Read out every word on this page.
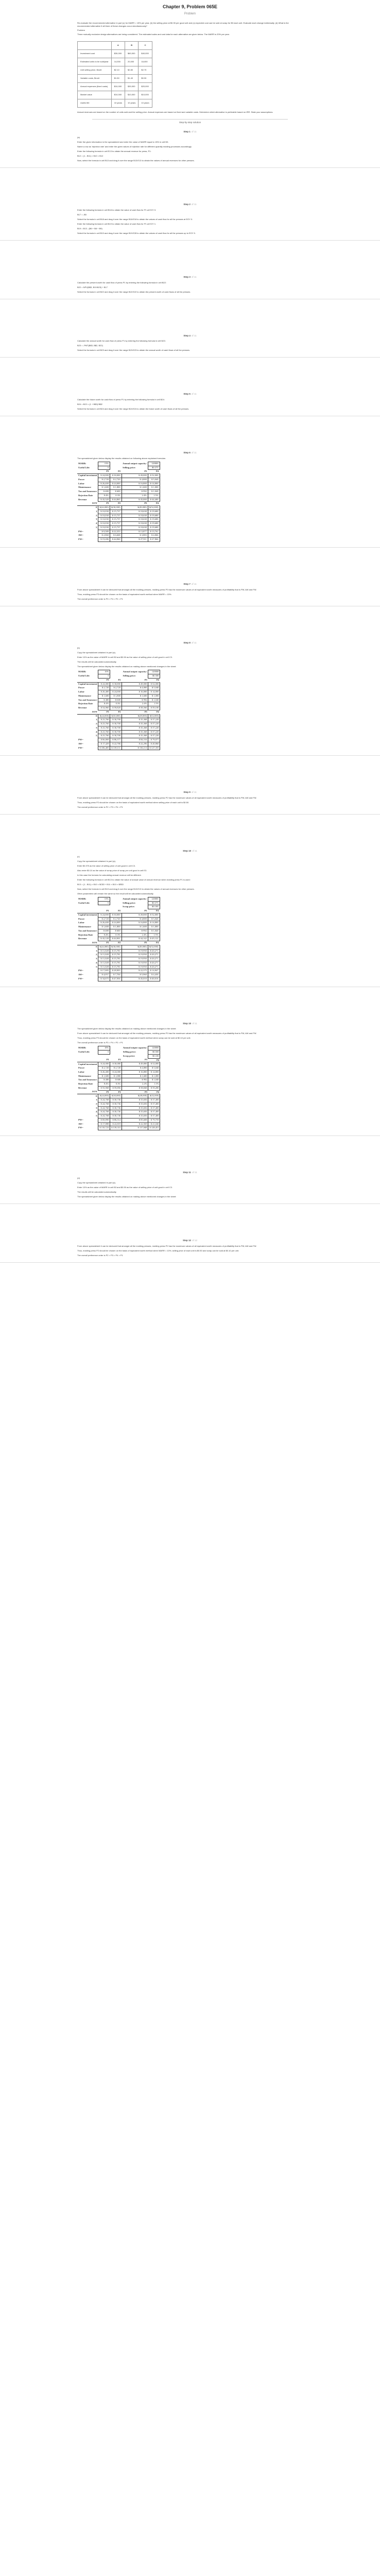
Chapter 9, Problem 065E
Problem

Re-evaluate the recommended alternative in part (c) for MARR = 15% per year, (b) the selling price at $0.35 per good unit and (c) expected cost can be sold at scrap for $0 each unit. Evaluate each change individually. (d) What is the recommended alternative if all three of these changes occur simultaneously?

Problem

Three mutually exclusive design alternatives are being considered. The estimated sales and cost data for each alternative are given below. The MARR is 20% per year.

	A	B	C
Investment cost	$30,000	$60,000	$40,000
Estimated units to be sold/year	14,000	20,000	18,000
Unit selling price, $/unit	$2.10	$2.80	$2.70
Variable costs, $/unit	$1.50	$1.40	$0.90
Annual expenses (fixed costs)	$10,000	$30,000	$20,000
Market value	$10,000	$10,000	$10,000
Useful life	10 years	10 years	10 years
Annual revenues are based on the number of units sold and the selling price. Annual expenses are based on fixed and variable costs. Determine which alternative is preferable based on IRR. State your assumptions.
Step-by-step solution
Step 1 of 11

(a)

Enter the given information in the spreadsheet and enter the value of MARR equal to 15% in cell B3.

Name a row as 'rejection rate' and enter the given values of rejection rate for different quantity molding processes accordingly.

Enter the following formula in cell E13 to obtain the annual revenue for press, P1:

B12 = (1 - B11) × B10 × B12

Now, select the formula in cell B13 and drag it over the range B13:E13 to obtain the values of annual revenues for other presses.

Step 2 of 11

Enter the following formula in cell B18 to obtain the value of cash flow for P1 at EOY 0:

B17 = -B5

Select the formula in cell B18 and drag it over the range B18:E18 to obtain the values of cash flow for all the presses at EOY 0.

Enter the following formula in cell B19 to obtain the value of cash flow for P1 at EOY 1:

B19 = B13 - (B6 + B8 + B9)

Select the formula in cell B19 and drag it over the range B19:E28 to obtain the values of cash flow for all the presses up to EOY 5.

Step 3 of 11

Calculate the present worth for cash flow of press P1 by entering the following formula in cell B22:

B22 = NPV(B$3, B19:B23) + B17

Select the formula in cell B22 and drag it over the range B22:E22 to obtain the present worth of cash flows of all the presses.

Step 4 of 11

Calculate the annual worth for cash flow of press P1 by entering the following formula in cell B23:

B23 = -PMT(B$3, B$2, B22)

Select the formula in cell B23 and drag it over the range B23:E23 to obtain the annual worth of cash flows of all the presses.

Step 5 of 11

Calculate the future worth for cash flow of press P1 by entering the following formula in cell B24:

B24 = B22 × (1 + B$3)^B$2

Select the formula in cell B24 and drag it over the range B24:E24 to obtain the future worth of cash flows of all the presses.

Step 6 of 11

The spreadsheet given below display the results obtained on following above explained formulas:

MARR:	15%		Annual output capacity:	120000
Useful Life:	5		Selling price:	$0.375
	P1	P2	P3	P4
Capital investment	$ 24,000	$ 30,000	$ 49,000	$ 52,000
Power	$ 2,720	$ 2,720	$ 4,800	$ 5,040
Labor	$ 26,400	$ 24,000	$ 16,800	$ 14,800
Maintenance	$ 1,600	$ 1,800	$ 1,600	$ 1,000
Tax and Insurance	$ 480	$ 600	$ 992	$ 1,040
Rejection Rate	8.4%	0.3%	2.4%	1.5%
Revenue	$ 43,320	$ 44,865	$ 45,000	$ 44,400
EOY	P1	P2	P3	P4
0	$(24,000)	$(30,000)	$(49,000)	$(52,000)
1	$ 10,030	$ 15,737	$ 18,638	$ 19,680
2	$ 10,030	$ 15,737	$ 18,638	$ 19,680
3	$ 10,030	$ 15,737	$ 18,638	$ 19,680
4	$ 10,030	$ 15,737	$ 18,638	$ 19,680
5	$ 10,030	$ 15,737	$ 18,638	$ 19,680
PW=	$ 9,589	$ 22,353	$ 13,877	$ 13,761
AW=	$ 2,860	$ 6,668	$ 3,883	$ 4,066
FW=	$ 19,286	$ 44,960	$ 27,911	$ 27,866
Step 7 of 11

From above spreadsheet it can be deduced that amongst all the molding presses, molding press P3 has the maximum values of all equivalent worth measures of profitability that is PW, AW and FW.

Thus, molding press P3 should be chosen on the basis of equivalent worth method when MARR = 15%.

The overall preference order is P3 > P4 > P2 > P1

Step 8 of 11

(b)

Copy the spreadsheet obtained in part (a).

Enter 10% as the value of MARR in cell B3 and $0.50 as the value of selling price of unit good in cell C3.

The results will be calculated automatically.

The spreadsheet given below display the results obtained on making above mentioned changes in the sheet:

MARR:	10%		Annual output capacity:	120000
Useful Life:	5		Selling price:	$0.500
	P1	P2	P3	P4
Capital investment	$ 24,000	$ 30,000	$ 49,000	$ 52,000
Power	$ 2,720	$ 2,720	$ 4,800	$ 5,040
Labor	$ 26,400	$ 24,000	$ 16,800	$ 14,800
Maintenance	$ 1,600	$ 1,800	$ 1,600	$ 1,000
Tax and Insurance	$ 480	$ 600	$ 992	$ 1,040
Rejection Rate	8.4%	0.3%	2.4%	1.5%
Revenue	$ 54,960	$ 59,820	$ 58,560	$ 59,100
EOY	P1	P2	P3	P4
0	$(24,000)	$(30,000)	$(49,000)	$(52,000)
1	$ 23,760	$ 30,700	$ 35,368	$ 37,220
2	$ 23,760	$ 30,700	$ 35,368	$ 37,220
3	$ 23,760	$ 30,700	$ 35,368	$ 37,220
4	$ 23,760	$ 30,700	$ 35,368	$ 37,220
5	$ 23,760	$ 30,700	$ 35,368	$ 37,220
PW=	$ 66,069	$ 86,377	$ 84,516	$ 79,077
AW=	$ 17,429	$ 22,786	$ 22,296	$ 20,860
FW=	$ 106,405	$ 139,111	$ 136,113	$ 127,355
Step 9 of 11

From above spreadsheet it can be deduced that amongst all the molding presses, molding press P2 has the maximum values of all equivalent worth measures of profitability that is PW, AW and FW.

Thus, molding press P2 should be chosen on the basis of equivalent worth method when selling price of each unit is $0.50.

The overall preference order is P2 > P3 > P4 > P1

Step 10 of 11

(c)

Copy the spreadsheet obtained in part (a).

Enter $0.375 as the value of selling price of unit good in cell C3.

Also enter $0.10 as the value of scrap price of scrap per unit good in cell E3.

In this case the formula for calculating annual revenue will be different.

Enter the following formula in cell B13 to obtain the value of annual value of annual revenue when molding press P1 is used:

B13 = (1 - B11) × B10 × $C$3 + B11 × B10 × $E$3

Now, select the formula in cell B13 and drag it over the range B13:E13 to obtain the values of annual revenues for other presses.

Other parameters will remain the same so the result will be calculated automatically.

MARR:	15%		Annual output capacity:	120000
Useful Life:	5		Selling price:	$0.375
			Scrap price:	$0.100
	P1	P2	P3	P4
Capital investment	$ 24,000	$ 30,000	$ 49,000	$ 52,000
Power	$ 2,720	$ 2,720	$ 4,800	$ 5,040
Labor	$ 26,400	$ 24,000	$ 16,800	$ 14,800
Maintenance	$ 1,600	$ 1,800	$ 1,600	$ 1,000
Tax and Insurance	$ 480	$ 600	$ 992	$ 1,040
Rejection Rate	8.4%	0.3%	2.4%	1.5%
Revenue	$ 43,128	$ 44,901	$ 44,142	$ 45,122
EOY	P1	P2	P3	P4
0	$(24,000)	$(30,000)	$(49,000)	$(52,000)
1	$ 11,028	$ 15,781	$ 19,950	$ 20,271
2	$ 11,028	$ 15,781	$ 19,950	$ 20,271
3	$ 11,028	$ 15,781	$ 19,950	$ 20,271
4	$ 11,028	$ 15,781	$ 19,950	$ 20,271
5	$ 11,028	$ 15,781	$ 19,950	$ 20,271
PW=	$ 17,005	$ 28,903	$ 22,375	$ 14,847
AW=	$ 4,057	$ 7,704	$ 5,960	$ 4,430
FW=	$ 34,675	$ 47,956	$ 45,010	$ 40,016
Step 10 of 11

The spreadsheet given below display the results obtained on making above mentioned changes in the sheet:

From above spreadsheet it can be deduced that amongst all the molding presses, molding press P3 has the maximum values of all equivalent worth measures of profitability that is PW, AW and FW.

Thus, molding press P3 should be chosen on the basis of equivalent worth method when scrap can be sold at $0.10 per unit.

The overall preference order is P3 > P4 > P2 > P1

MARR:	10%		Annual output capacity:	120000
Useful Life:	5		Selling price:	$0.500
			Scrap price:	$0.100
	P1	P2	P3	P4
Capital investment	$ 24,000	$ 30,000	$ 49,000	$ 52,000
Power	$ 2,720	$ 2,720	$ 4,800	$ 5,040
Labor	$ 26,400	$ 24,000	$ 16,800	$ 14,800
Maintenance	$ 1,600	$ 1,800	$ 1,600	$ 1,000
Tax and Insurance	$ 480	$ 600	$ 992	$ 1,040
Rejection Rate	8.4%	0.3%	2.4%	1.5%
Revenue	$ 55,968	$ 59,856	$ 58,848	$ 59,280
EOY	P1	P2	P3	P4
0	$(24,000)	$(30,000)	$(49,000)	$(52,000)
1	$ 24,768	$ 30,736	$ 35,656	$ 37,400
2	$ 24,768	$ 30,736	$ 35,656	$ 37,400
3	$ 24,768	$ 30,736	$ 35,656	$ 37,400
4	$ 24,768	$ 30,736	$ 35,656	$ 37,400
5	$ 24,768	$ 30,736	$ 35,656	$ 37,400
PW=	$ 69,890	$ 86,514	$ 85,608	$ 79,759
AW=	$ 17,888	$ 22,819	$ 22,569	$ 21,040
FW=	$ 110,723	$ 139,331	$ 137,848	$ 128,451
Step 11 of 11

(d)

Copy the spreadsheet obtained in part (a).

Enter 10% as the value of MARR in cell B3 and $0.50 as the value of selling price of unit good in cell C3.

The results will be calculated automatically.

The spreadsheet given below display the results obtained on making above mentioned changes in the sheet:

Step 12 of 12

From above spreadsheet it can be deduced that amongst all the molding presses, molding press P2 has the maximum values of all equivalent worth measures of profitability that is PW, AW and FW.

Thus, molding press P2 should be chosen on the basis of equivalent worth method when MARR = 10%, selling price of each unit is $0.50 and scrap can be sold at $0.10 per unit.

The overall preference order is P2 > P3 > P4 > P1
